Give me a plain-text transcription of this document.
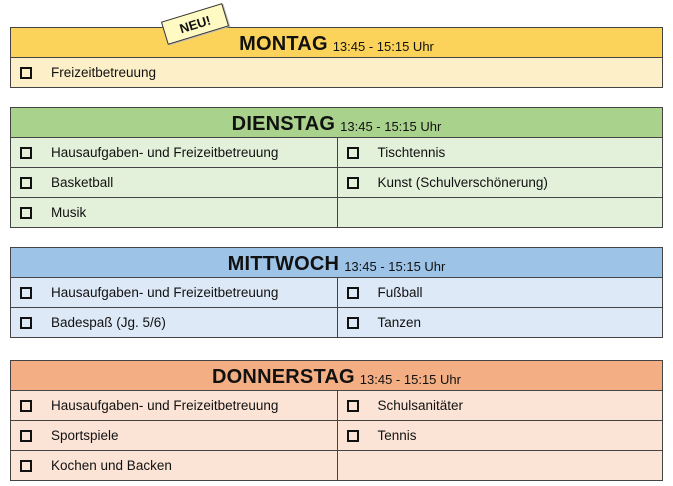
NEU!
MONTAG 13:45 - 15:15 Uhr
Freizeitbetreuung
DIENSTAG 13:45 - 15:15 Uhr
Hausaufgaben- und Freizeitbetreuung	Tischtennis
Basketball	Kunst (Schulverschönerung)
Musik
MITTWOCH 13:45 - 15:15 Uhr
Hausaufgaben- und Freizeitbetreuung	Fußball
Badespaß (Jg. 5/6)	Tanzen
DONNERSTAG 13:45 - 15:15 Uhr
Hausaufgaben- und Freizeitbetreuung	Schulsanitäter
Sportspiele	Tennis
Kochen und Backen
